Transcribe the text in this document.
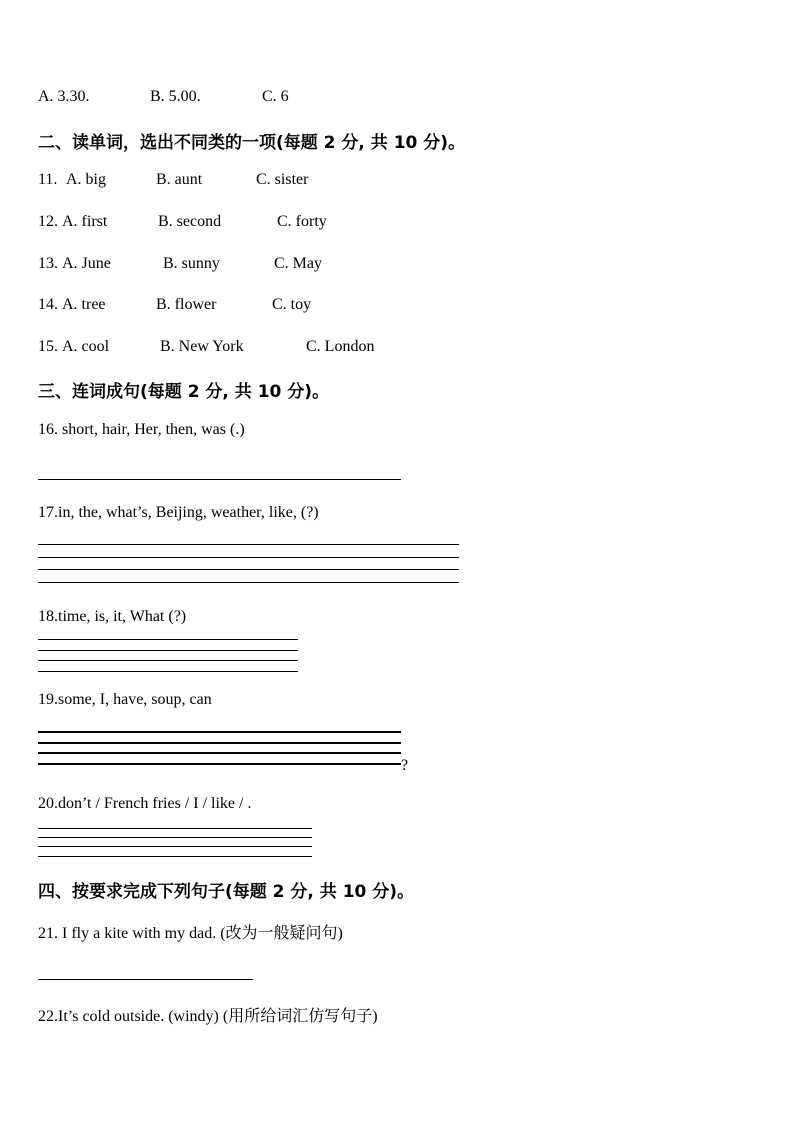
A. 3.30.	B. 5.00.	C. 6
二、读单词，选出不同类的一项(每题 2 分, 共 10 分)。
11. A. big	B. aunt	C. sister
12. A. first	B. second	C. forty
13. A. June	B. sunny	C. May
14. A. tree	B. flower	C. toy
15. A. cool	B. New York	C. London
三、连词成句(每题 2 分, 共 10 分)。
16. short, hair, Her, then, was (.)
17.in, the, what’s, Beijing, weather, like, (?)
18.time, is, it, What (?)
19.some, I, have, soup, can
?
20.don’t / French fries / I / like / .
四、按要求完成下列句子(每题 2 分, 共 10 分)。
21. I fly a kite with my dad. (改为一般疑问句)
22.It’s cold outside. (windy) (用所给词汇仿写句子)
